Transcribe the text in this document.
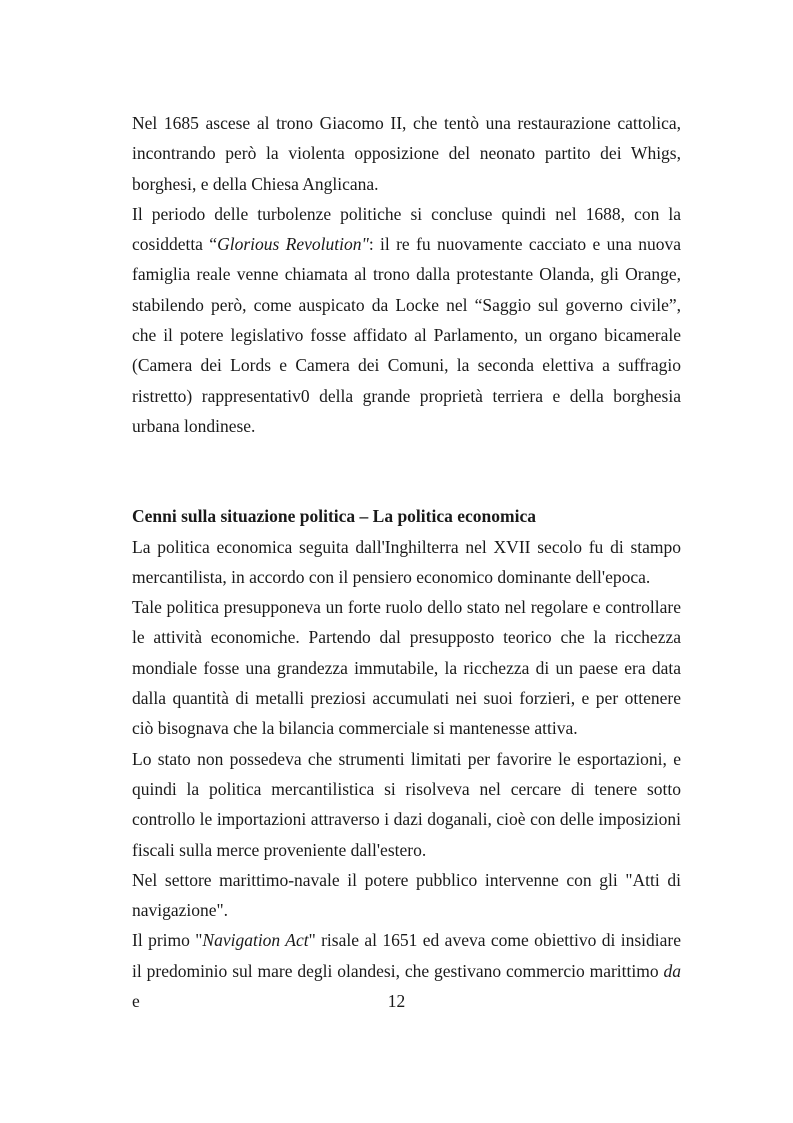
Nel 1685 ascese al trono Giacomo II, che tentò una restaurazione cattolica, incontrando però la violenta opposizione del neonato partito dei Whigs, borghesi, e della Chiesa Anglicana.

Il periodo delle turbolenze politiche si concluse quindi nel 1688, con la cosiddetta “Glorious Revolution": il re fu nuovamente cacciato e una nuova famiglia reale venne chiamata al trono dalla protestante Olanda, gli Orange, stabilendo però, come auspicato da Locke nel “Saggio sul governo civile”, che il potere legislativo fosse affidato al Parlamento, un organo bicamerale (Camera dei Lords e Camera dei Comuni, la seconda elettiva a suffragio ristretto) rappresentativ0 della grande proprietà terriera e della borghesia urbana londinese.

Cenni sulla situazione politica – La politica economica

La politica economica seguita dall'Inghilterra nel XVII secolo fu di stampo mercantilista, in accordo con il pensiero economico dominante dell'epoca.

Tale politica presupponeva un forte ruolo dello stato nel regolare e controllare le attività economiche. Partendo dal presupposto teorico che la ricchezza mondiale fosse una grandezza immutabile, la ricchezza di un paese era data dalla quantità di metalli preziosi accumulati nei suoi forzieri, e per ottenere ciò bisognava che la bilancia commerciale si mantenesse attiva.

Lo stato non possedeva che strumenti limitati per favorire le esportazioni, e quindi la politica mercantilistica si risolveva nel cercare di tenere sotto controllo le importazioni attraverso i dazi doganali, cioè con delle imposizioni fiscali sulla merce proveniente dall'estero.

Nel settore marittimo-navale il potere pubblico intervenne con gli "Atti di navigazione".

Il primo "Navigation Act" risale al 1651 ed aveva come obiettivo di insidiare il predominio sul mare degli olandesi, che gestivano commercio marittimo da e	12
